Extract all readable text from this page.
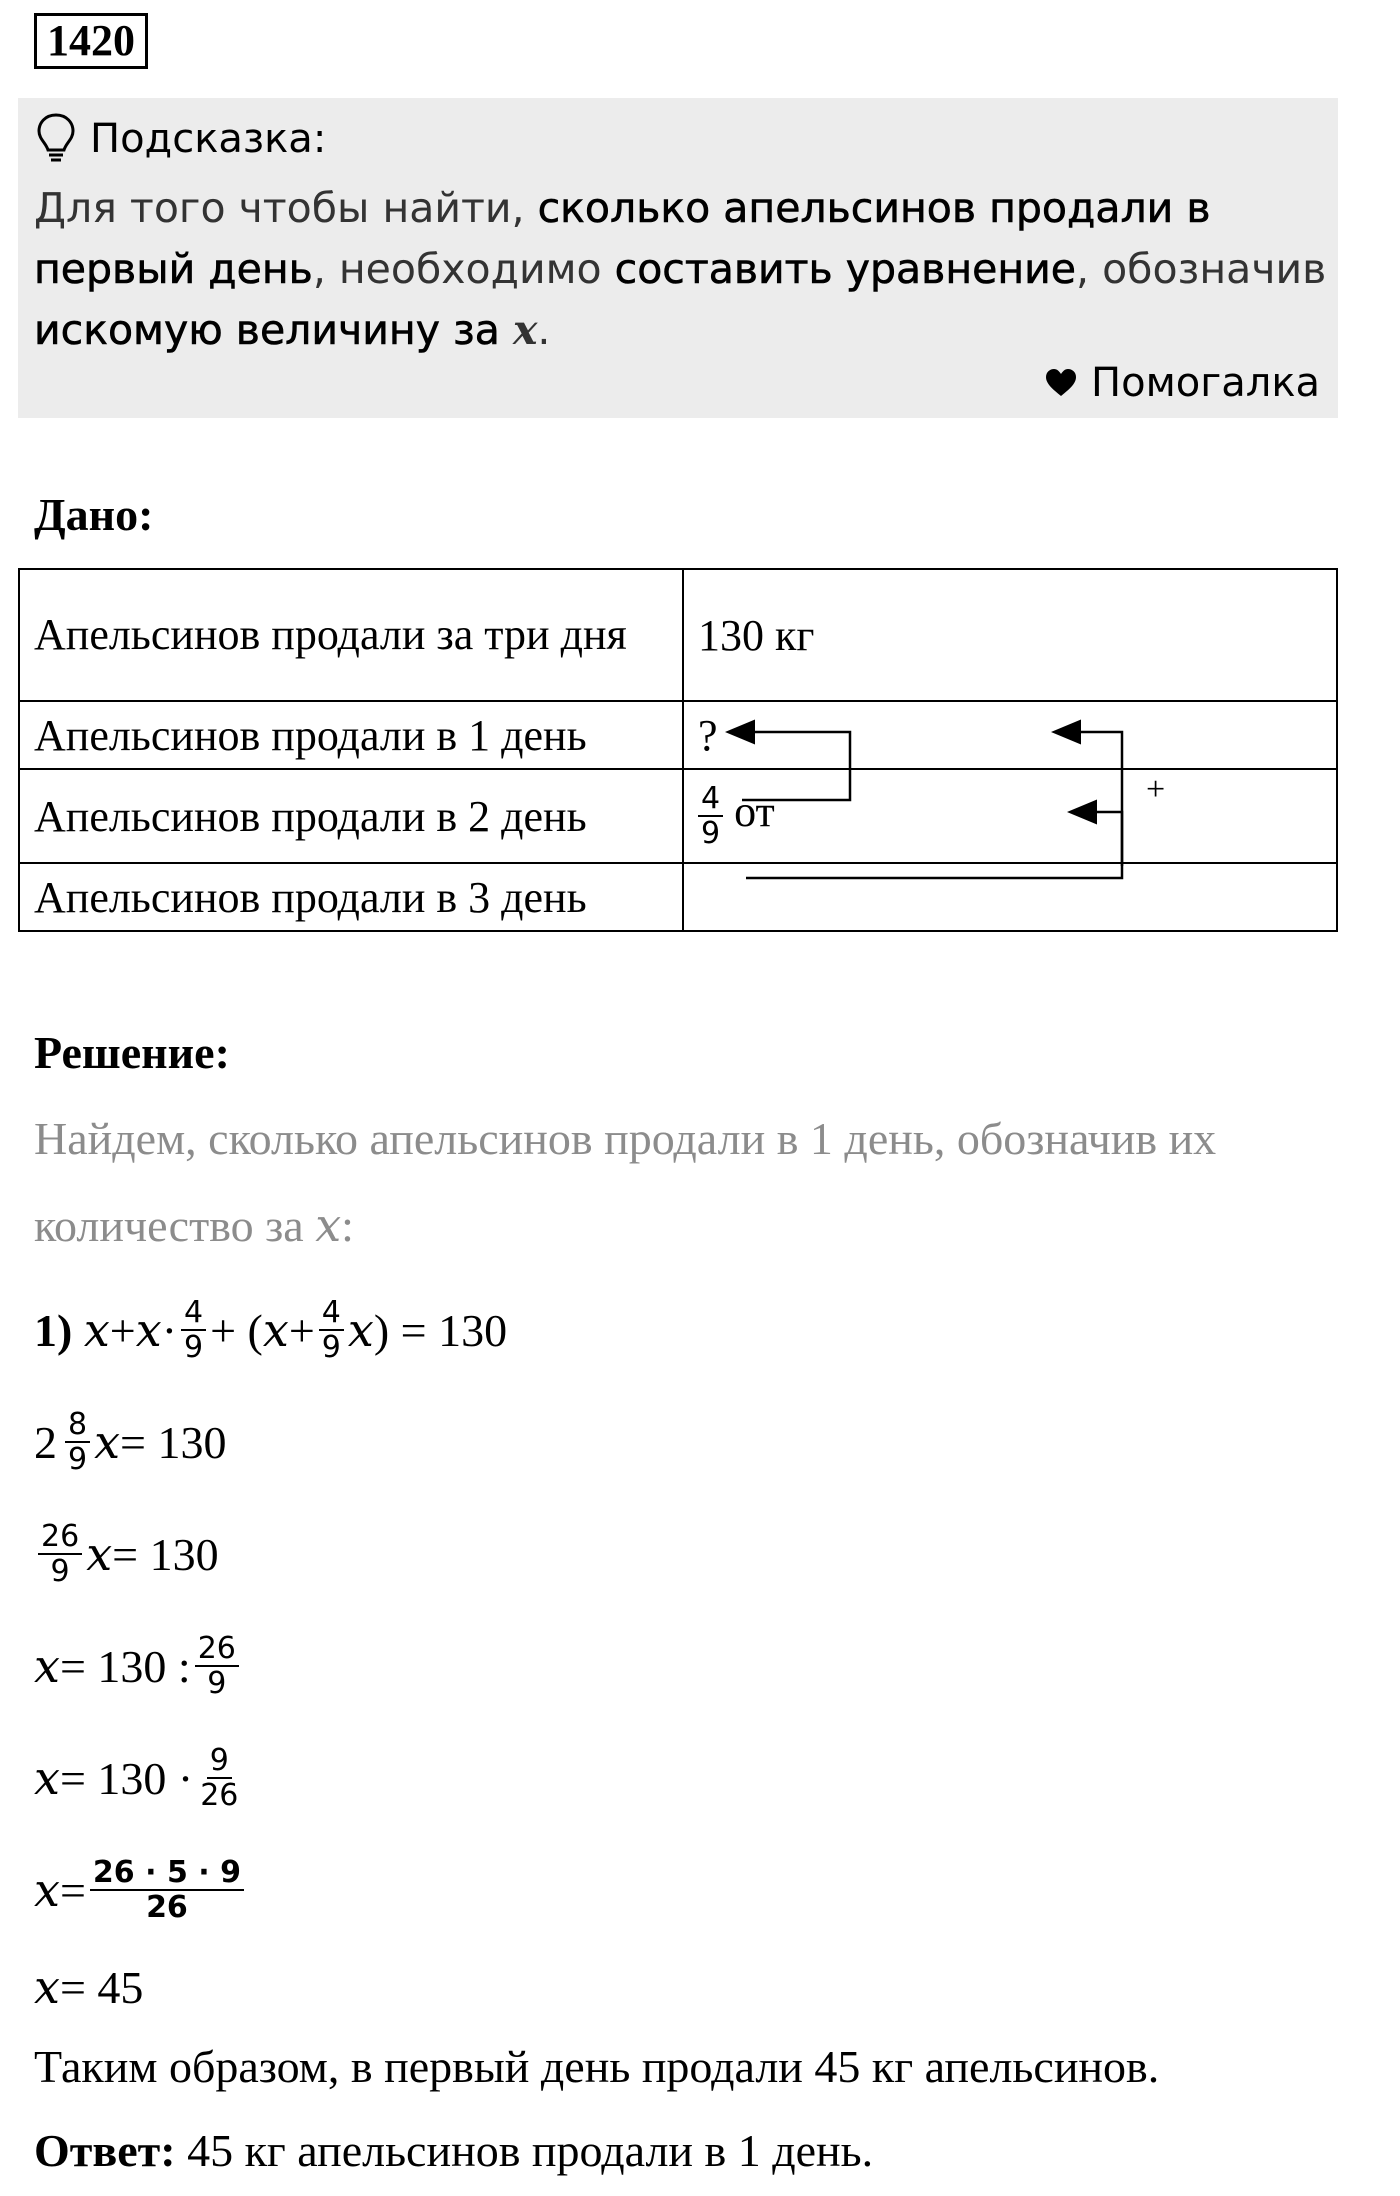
1420
Подсказка:
Для того чтобы найти, сколько апельсинов продали в первый день, необходимо составить уравнение, обозначив искомую величину за x.
Помогалка
Дано:
Апельсинов продали за три дня	130 кг
Апельсинов продали в 1 день	?
Апельсинов продали в 2 день	$\frac{4}{9}$ от
Апельсинов продали в 3 день	
+
Решение:
Найдем, сколько апельсинов продали в 1 день, обозначив их
количество за x:
1)
$x + x \cdot \frac{4}{9}$ + ( $x + \frac{4}{9}$ x ) = 130
$2 \frac{8}{9}$ x = 130
$\frac{26}{9}$ x = 130
x = 130 : $\frac{26}{9}$
$x = 130 \cdot \frac{9}{26}$
$x = \frac{26 \cdot 5 \cdot 9}{26}$
x = 45
Таким образом, в первый день продали 45 кг апельсинов.
Ответ: 45 кг апельсинов продали в 1 день.
